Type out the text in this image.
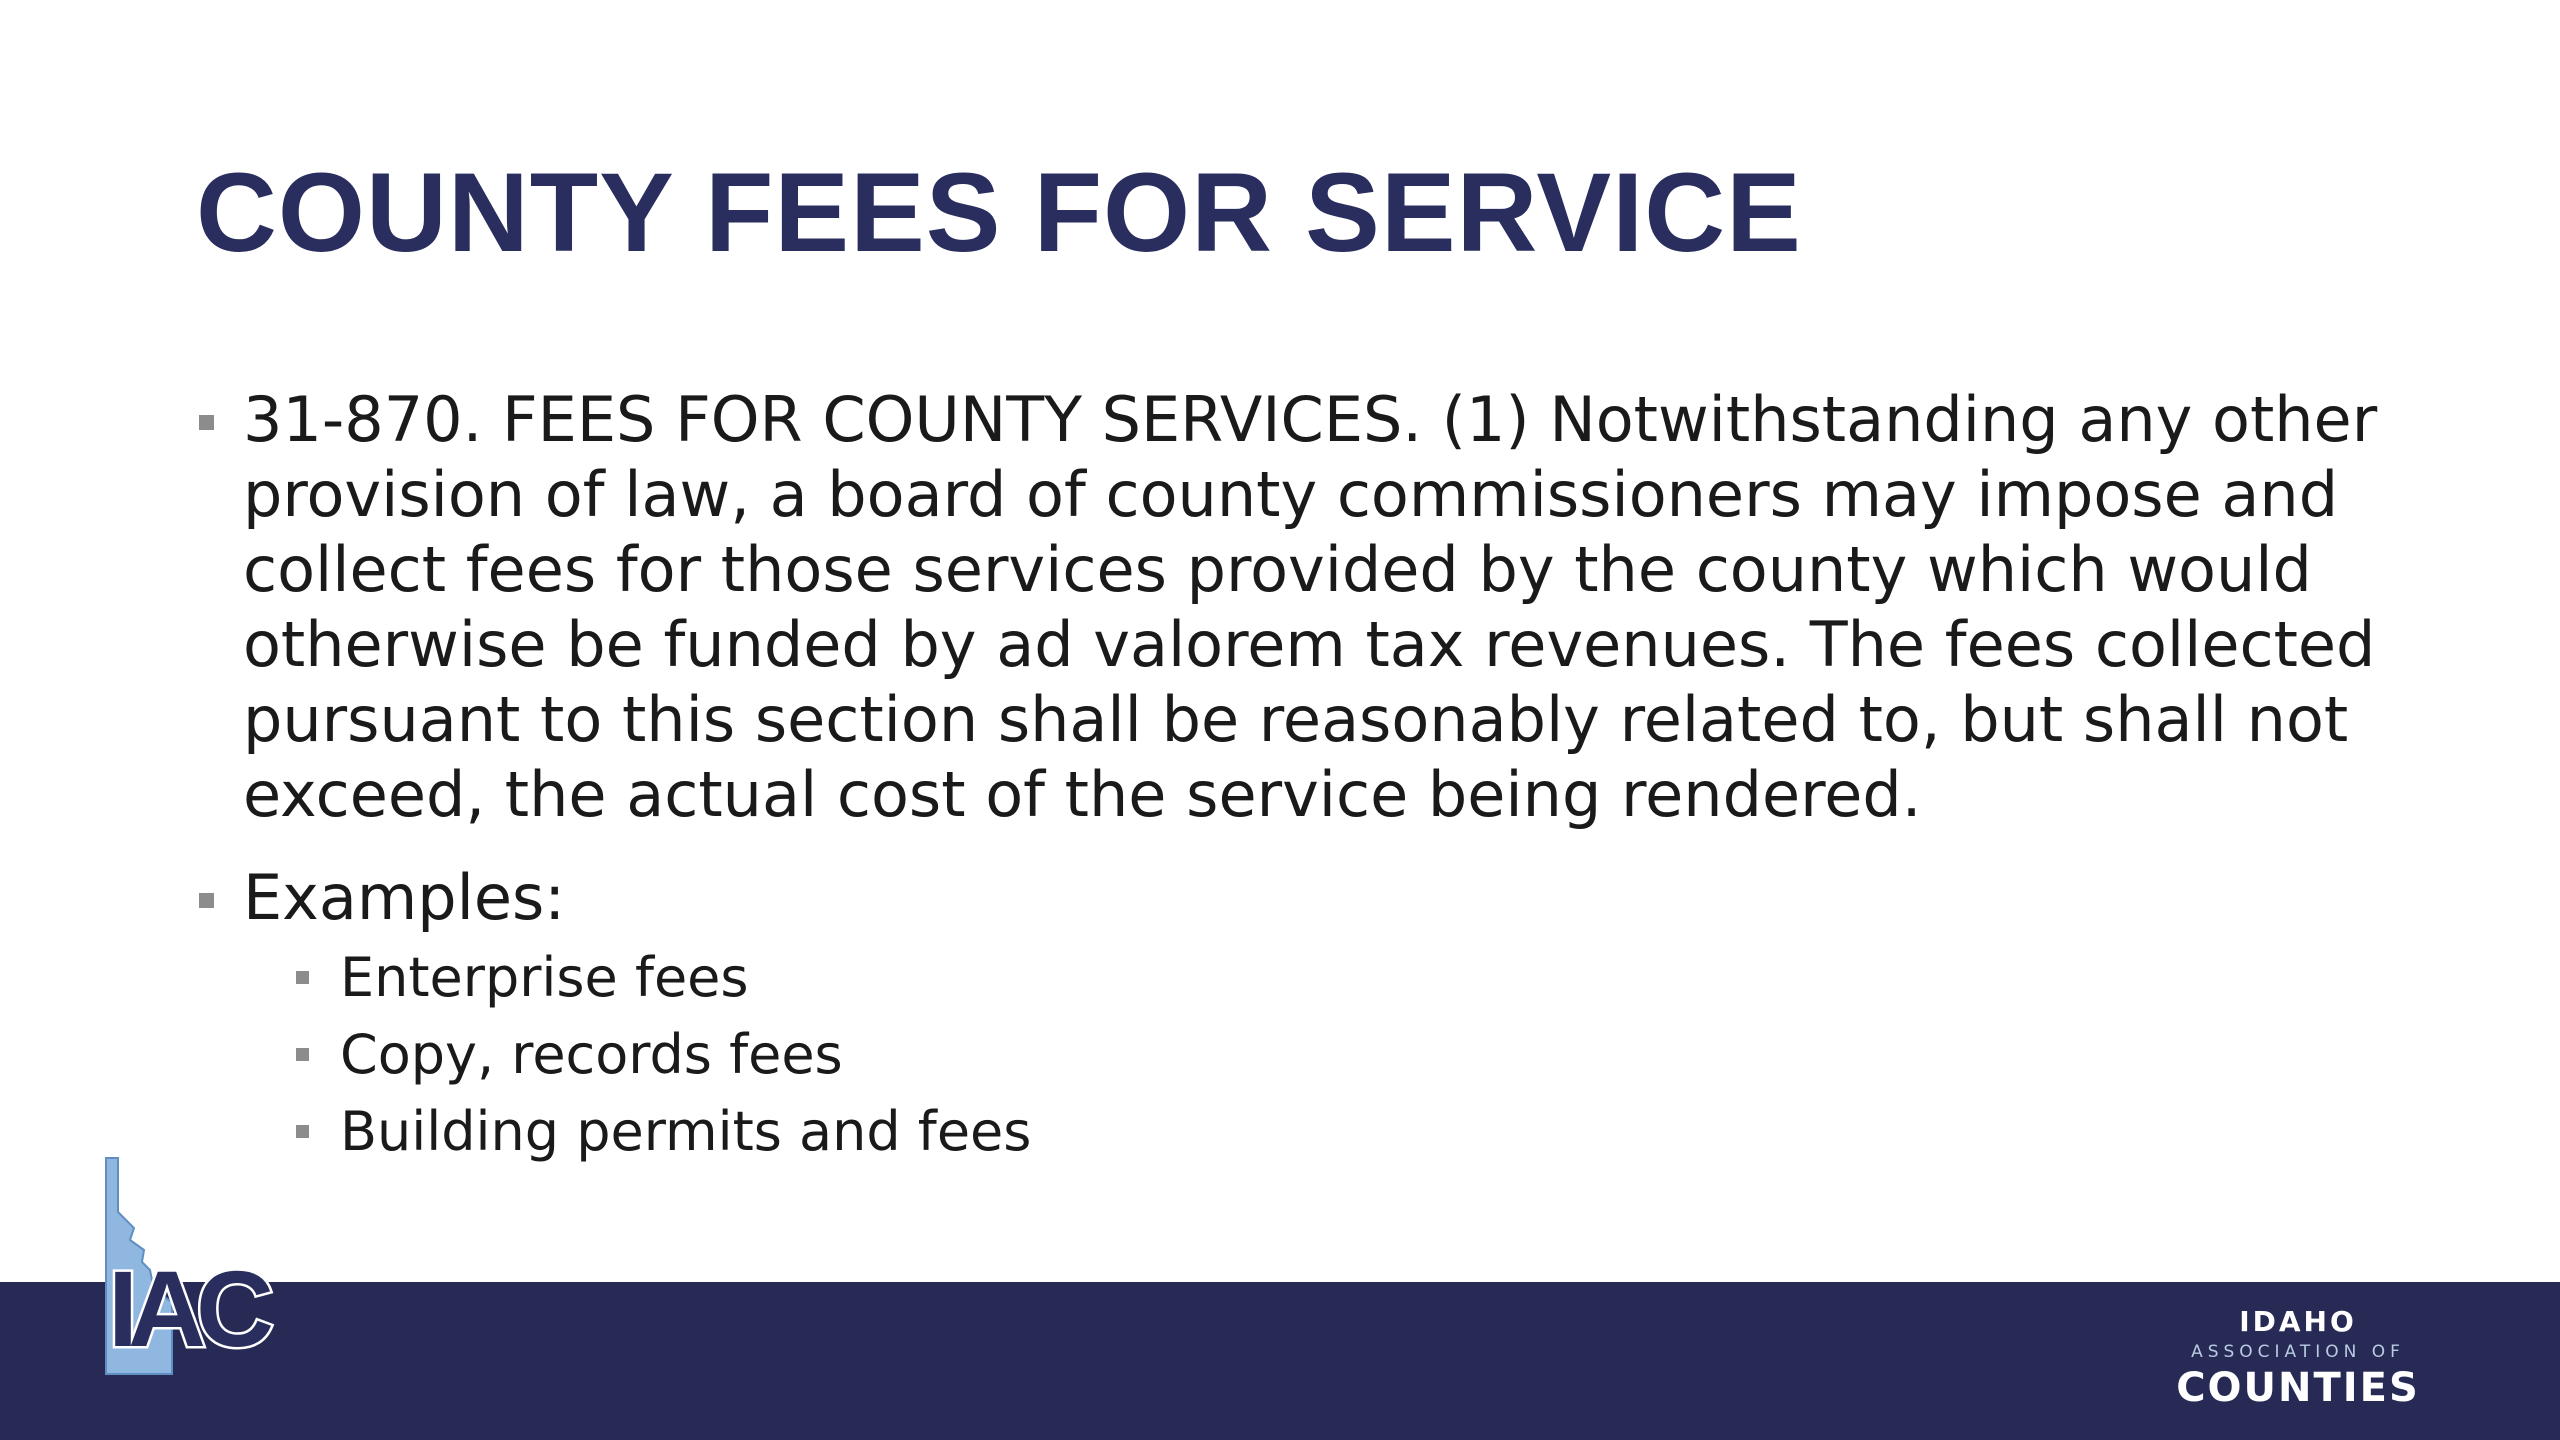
COUNTY FEES FOR SERVICE

31-870. FEES FOR COUNTY SERVICES. (1) Notwithstanding any other provision of law, a board of county commissioners may impose and collect fees for those services provided by the county which would otherwise be funded by ad valorem tax revenues. The fees collected pursuant to this section shall be reasonably related to, but shall not exceed, the actual cost of the service being rendered.

Examples:

Enterprise fees

Copy, records fees

Building permits and fees

IDAHO
ASSOCIATION OF
COUNTIES
IAC
